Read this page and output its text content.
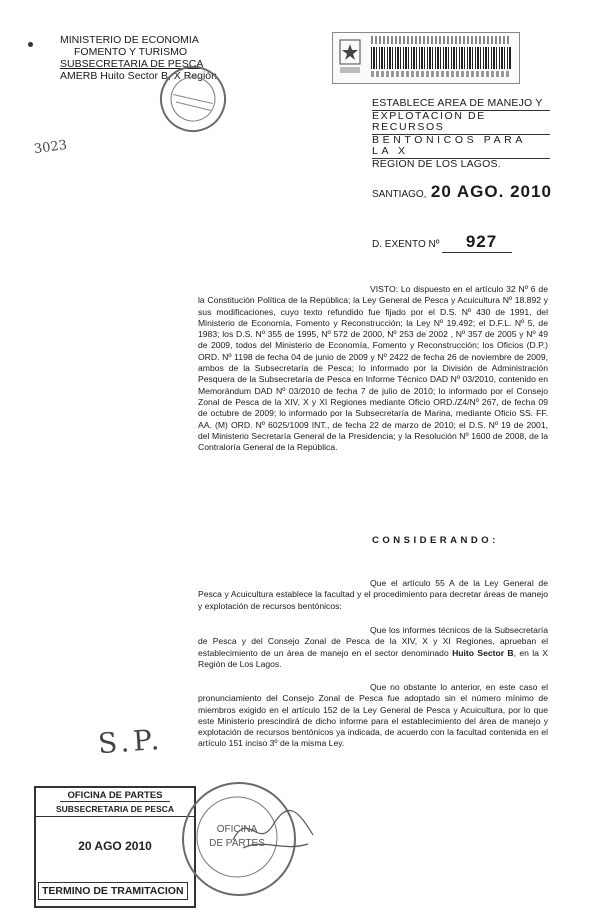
MINISTERIO DE ECONOMIA
FOMENTO Y TURISMO
SUBSECRETARIA DE PESCA
AMERB Huito Sector B, X Región
3023
ESTABLECE AREA DE MANEJO Y
EXPLOTACION DE RECURSOS
BENTONICOS PARA LA X
REGION DE LOS LAGOS.
SANTIAGO, 20 AGO. 2010
D. EXENTO Nº 927
VISTO: Lo dispuesto en el artículo 32 Nº 6 de la Constitución Política de la República; la Ley General de Pesca y Acuicultura Nº 18.892 y sus modificaciones, cuyo texto refundido fue fijado por el D.S. Nº 430 de 1991, del Ministerio de Economía, Fomento y Reconstrucción; la Ley Nº 19.492; el D.F.L. Nº 5, de 1983; los D.S. Nº 355 de 1995, Nº 572 de 2000, Nº 253 de 2002 , Nº 357 de 2005 y Nº 49 de 2009, todos del Ministerio de Economía, Fomento y Reconstrucción; los Oficios (D.P.) ORD. Nº 1198 de fecha 04 de junio de 2009 y Nº 2422 de fecha 26 de noviembre de 2009, ambos de la Subsecretaría de Pesca; lo informado por la División de Administración Pesquera de la Subsecretaría de Pesca en Informe Técnico DAD Nº 03/2010, contenido en Memorándum DAD Nº 03/2010 de fecha 7 de julio de 2010; lo informado por el Consejo Zonal de Pesca de la XIV, X y XI Regiones mediante Oficio ORD./Z4/Nº 267, de fecha 09 de octubre de 2009; lo informado por la Subsecretaría de Marina, mediante Oficio SS. FF. AA. (M) ORD. Nº 6025/1009 INT., de fecha 22 de marzo de 2010; el D.S. Nº 19 de 2001, del Ministerio Secretaría General de la Presidencia; y la Resolución Nº 1600 de 2008, de la Contraloría General de la República.
CONSIDERANDO:
Que el artículo 55 A de la Ley General de Pesca y Acuicultura establece la facultad y el procedimiento para decretar áreas de manejo y explotación de recursos bentónicos:
Que los informes técnicos de la Subsecretaría de Pesca y del Consejo Zonal de Pesca de la XIV, X y XI Regiones, aprueban el establecimiento de un área de manejo en el sector denominado Huito Sector B, en la X Región de Los Lagos.
Que no obstante lo anterior, en este caso el pronunciamiento del Consejo Zonal de Pesca fue adoptado sin el número mínimo de miembros exigido en el artículo 152 de la Ley General de Pesca y Acuicultura, por lo que este Ministerio prescindirá de dicho informe para el establecimiento del área de manejo y explotación de recursos bentónicos ya indicada, de acuerdo con la facultad contenida en el artículo 151 inciso 3º de la misma Ley.
S.P.
OFICINA DE PARTES
SUBSECRETARIA DE PESCA
20 AGO 2010
TERMINO DE TRAMITACION
OFICINA
DE PARTES
